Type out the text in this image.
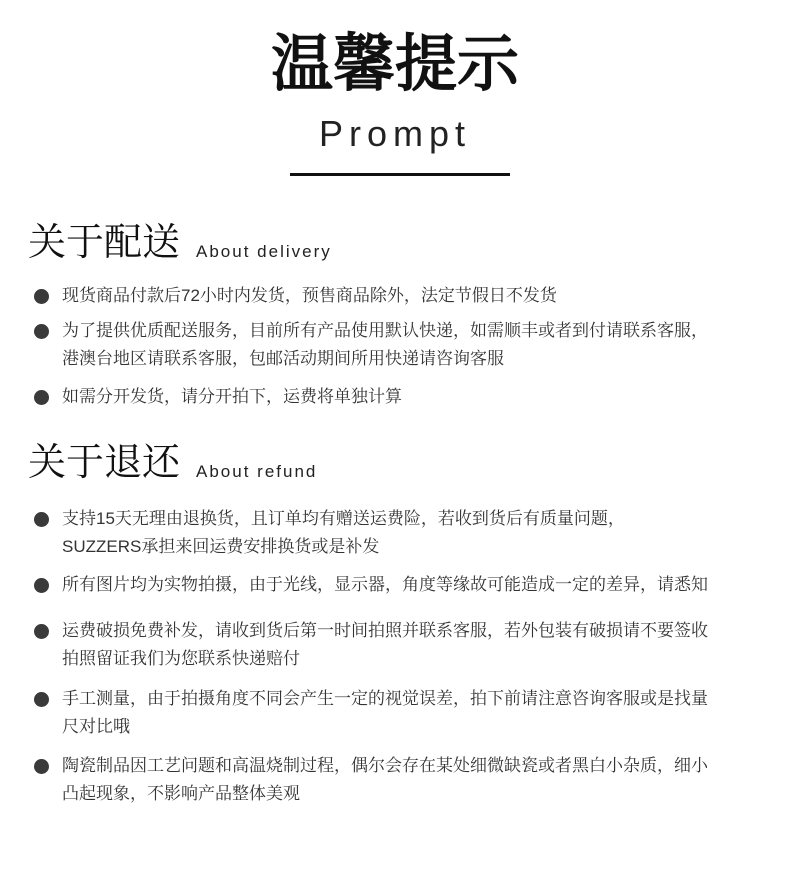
温馨提示
Prompt
关于配送 About delivery
现货商品付款后72小时内发货，预售商品除外，法定节假日不发货
为了提供优质配送服务，目前所有产品使用默认快递，如需顺丰或者到付请联系客服，
港澳台地区请联系客服，包邮活动期间所用快递请咨询客服
如需分开发货，请分开拍下，运费将单独计算
关于退还 About refund
支持15天无理由退换货，且订单均有赠送运费险，若收到货后有质量问题，
SUZZERS承担来回运费安排换货或是补发
所有图片均为实物拍摄，由于光线，显示器，角度等缘故可能造成一定的差异，请悉知
运费破损免费补发，请收到货后第一时间拍照并联系客服，若外包装有破损请不要签收
拍照留证我们为您联系快递赔付
手工测量，由于拍摄角度不同会产生一定的视觉误差，拍下前请注意咨询客服或是找量
尺对比哦
陶瓷制品因工艺问题和高温烧制过程，偶尔会存在某处细微缺瓷或者黑白小杂质，细小
凸起现象，不影响产品整体美观
